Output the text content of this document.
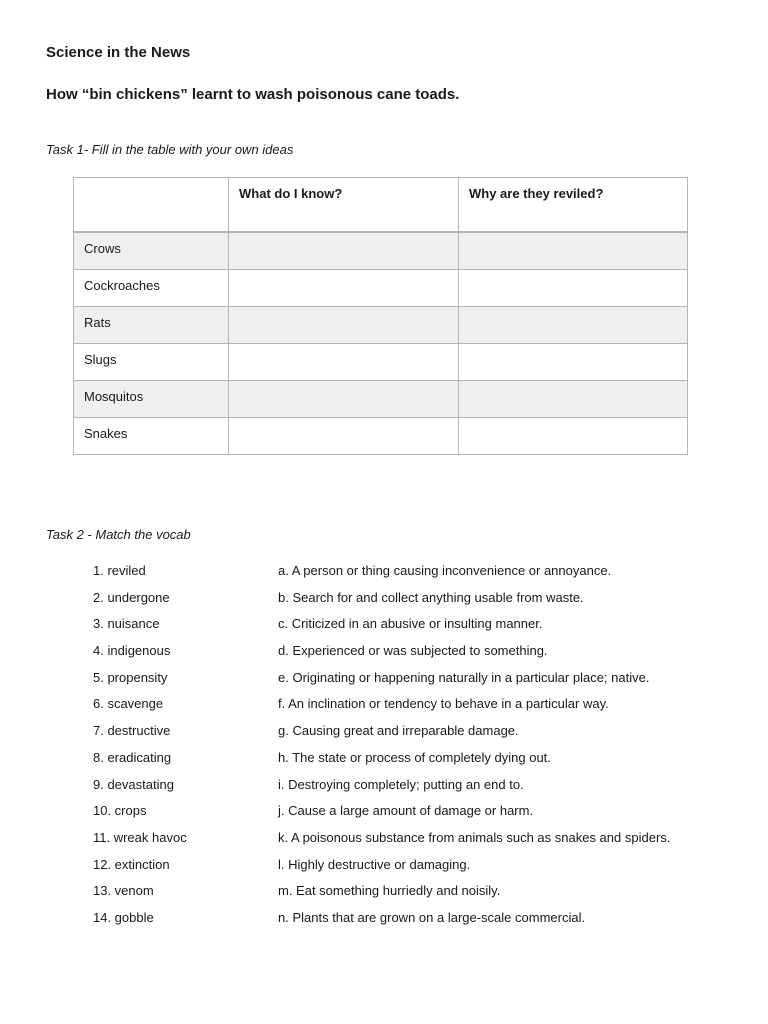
Science in the News
How “bin chickens” learnt to wash poisonous cane toads.

Task 1- Fill in the table with your own ideas

	What do I know?	Why are they reviled?

Crows		

Cockroaches		

Rats		

Slugs		

Mosquitos		

Snakes		

Task 2 - Match the vocab

1. reviled	a. A person or thing causing inconvenience or annoyance.
2. undergone	b. Search for and collect anything usable from waste.
3. nuisance	c. Criticized in an abusive or insulting manner.
4. indigenous	d. Experienced or was subjected to something.
5. propensity	e. Originating or happening naturally in a particular place; native.
6. scavenge	f. An inclination or tendency to behave in a particular way.
7. destructive	g. Causing great and irreparable damage.
8. eradicating	h. The state or process of completely dying out.
9. devastating	i. Destroying completely; putting an end to.
10. crops	j. Cause a large amount of damage or harm.
11. wreak havoc	k. A poisonous substance from animals such as snakes and spiders.
12. extinction	l. Highly destructive or damaging.
13. venom	m. Eat something hurriedly and noisily.
14. gobble	n. Plants that are grown on a large-scale commercial.
